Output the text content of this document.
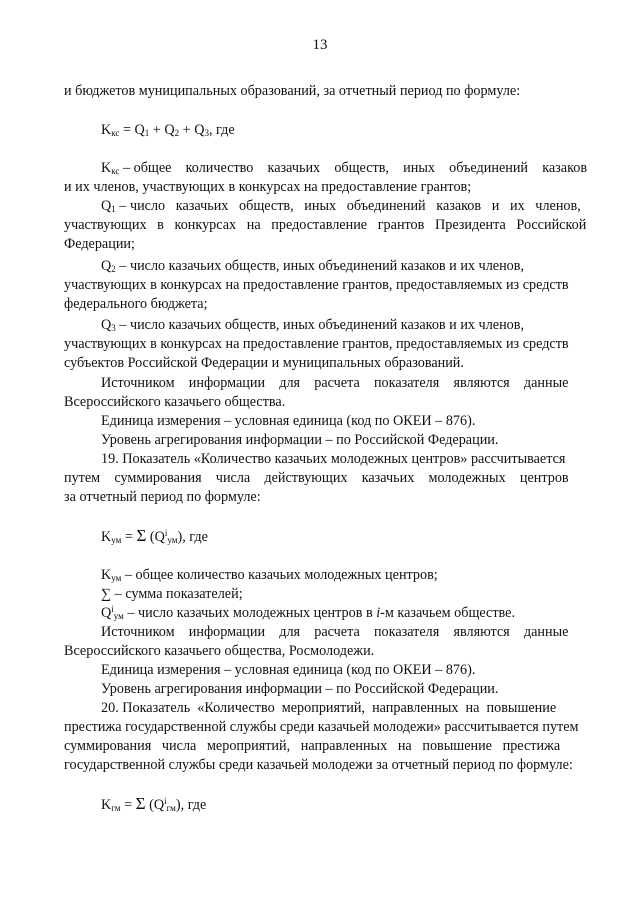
13
и бюджетов муниципальных образований, за отчетный период по формуле:
$K_{кс} = Q_1 + Q_2 + Q_3$, где
$K_{кс}$ – общее    количество    казачьих    обществ,    иных    объединений    казаков
и их членов, участвующих в конкурсах на предоставление грантов;
$Q_1$ – число   казачьих   обществ,   иных   объединений   казаков   и   их   членов,
участвующих   в   конкурсах   на   предоставление   грантов   Президента   Российской
Федерации;
$Q_2$ – число казачьих обществ, иных объединений казаков и их членов,
участвующих в конкурсах на предоставление грантов, предоставляемых из средств
федерального бюджета;
$Q_3$ – число казачьих обществ, иных объединений казаков и их членов,
участвующих в конкурсах на предоставление грантов, предоставляемых из средств
субъектов Российской Федерации и муниципальных образований.
Источником    информации    для    расчета    показателя    являются    данные
Всероссийского казачьего общества.
Единица измерения – условная единица (код по ОКЕИ – 876).
Уровень агрегирования информации – по Российской Федерации.
19. Показатель «Количество казачьих молодежных центров» рассчитывается
путем    суммирования    числа    действующих    казачьих    молодежных    центров
за отчетный период по формуле:
$K_{ум} = \Sigma$ $(Q^i_{ум})$, где
$K_{ум}$ – общее количество казачьих молодежных центров;
∑ – сумма показателей;
$Q^i_{ум}$ – число казачьих молодежных центров в i-м казачьем обществе.
Источником    информации    для    расчета    показателя    являются    данные
Всероссийского казачьего общества, Росмолодежи.
Единица измерения – условная единица (код по ОКЕИ – 876).
Уровень агрегирования информации – по Российской Федерации.
20. Показатель  «Количество  мероприятий,  направленных  на  повышение
престижа государственной службы среди казачьей молодежи» рассчитывается путем
суммирования   числа   мероприятий,   направленных   на   повышение   престижа
государственной службы среди казачьей молодежи за отчетный период по формуле:
$K_{гм} = \Sigma$ $(Q^i_{гм})$, где
